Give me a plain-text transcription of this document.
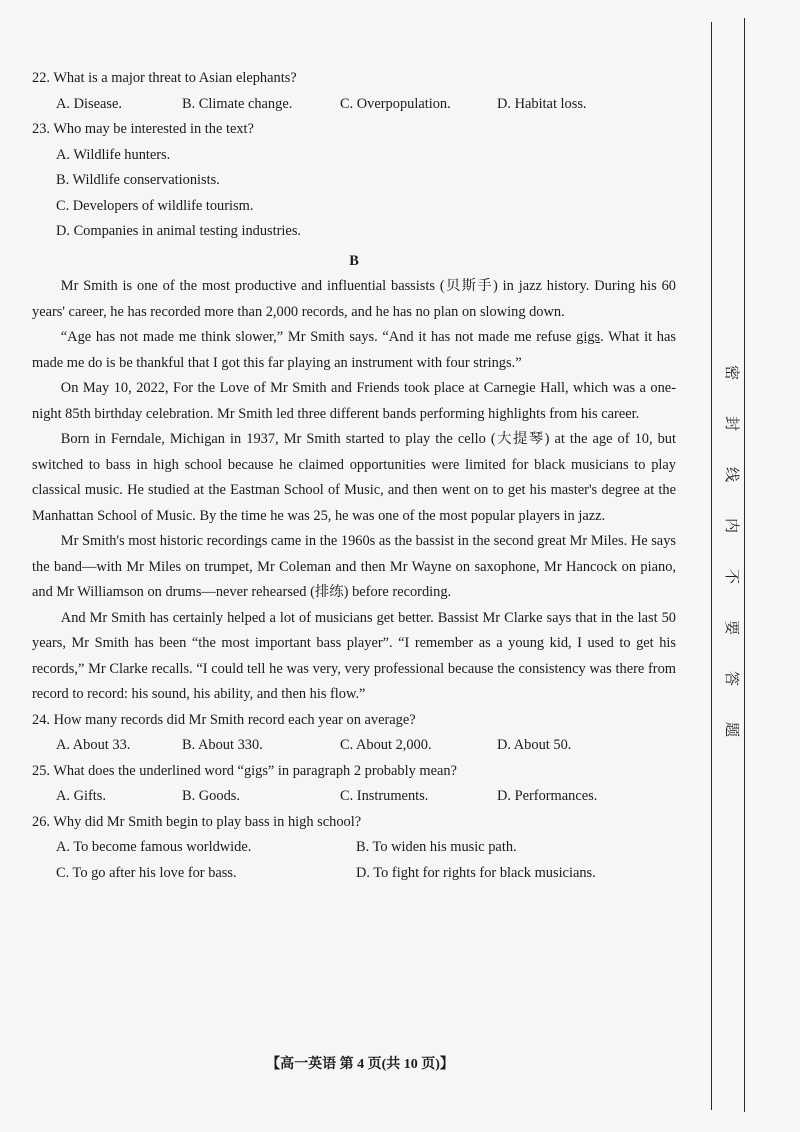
22. What is a major threat to Asian elephants?

A. Disease.	B. Climate change.	C. Overpopulation.	D. Habitat loss.

23. Who may be interested in the text?

A. Wildlife hunters.

B. Wildlife conservationists.

C. Developers of wildlife tourism.

D. Companies in animal testing industries.

B

Mr Smith is one of the most productive and influential bassists (贝斯手) in jazz history. During his 60 years' career, he has recorded more than 2,000 records, and he has no plan on slowing down.

“Age has not made me think slower,” Mr Smith says. “And it has not made me refuse gigs. What it has made me do is be thankful that I got this far playing an instrument with four strings.”

On May 10, 2022, For the Love of Mr Smith and Friends took place at Carnegie Hall, which was a one-night 85th birthday celebration. Mr Smith led three different bands performing highlights from his career.

Born in Ferndale, Michigan in 1937, Mr Smith started to play the cello (大提琴) at the age of 10, but switched to bass in high school because he claimed opportunities were limited for black musicians to play classical music. He studied at the Eastman School of Music, and then went on to get his master's degree at the Manhattan School of Music. By the time he was 25, he was one of the most popular players in jazz.

Mr Smith's most historic recordings came in the 1960s as the bassist in the second great Mr Miles. He says the band—with Mr Miles on trumpet, Mr Coleman and then Mr Wayne on saxophone, Mr Hancock on piano, and Mr Williamson on drums—never rehearsed (排练) before recording.

And Mr Smith has certainly helped a lot of musicians get better. Bassist Mr Clarke says that in the last 50 years, Mr Smith has been “the most important bass player”. “I remember as a young kid, I used to get his records,” Mr Clarke recalls. “I could tell he was very, very professional because the consistency was there from record to record: his sound, his ability, and then his flow.”

24. How many records did Mr Smith record each year on average?

A. About 33.	B. About 330.	C. About 2,000.	D. About 50.

25. What does the underlined word “gigs” in paragraph 2 probably mean?

A. Gifts.	B. Goods.	C. Instruments.	D. Performances.

26. Why did Mr Smith begin to play bass in high school?

A. To become famous worldwide.	B. To widen his music path.
C. To go after his love for bass.	D. To fight for rights for black musicians.
【高一英语 第 4 页(共 10 页)】
密
封
线
内
不
要
答
题
